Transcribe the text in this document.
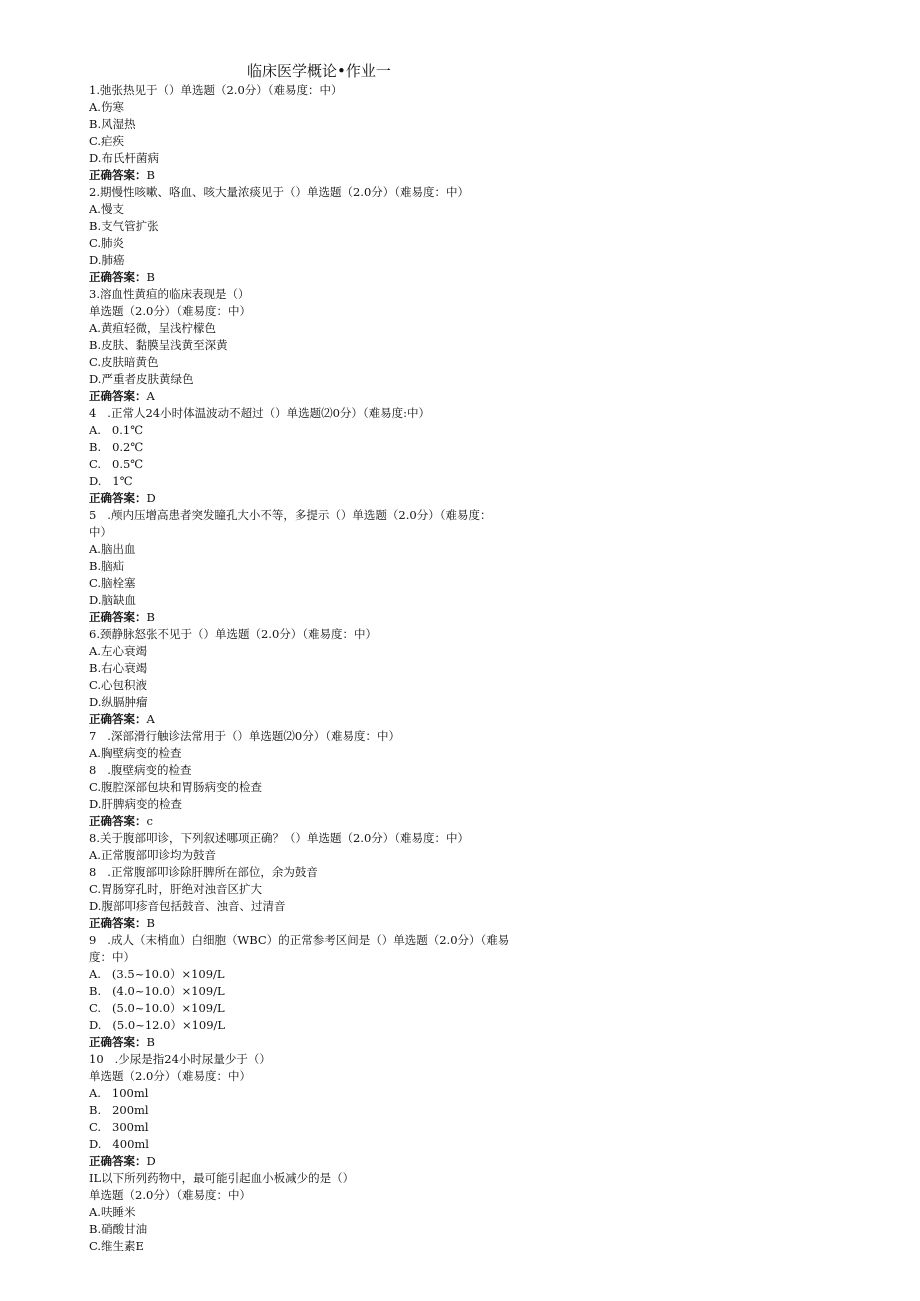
临床医学概论•作业一
1.弛张热见于（）单选题（2.0分）（难易度：中）
A.伤寒
B.风湿热
C.疟疾
D.布氏杆菌病
正确答案：B
2.期慢性咳嗽、咯血、咳大量浓痰见于（）单选题（2.0分）（难易度：中）
A.慢支
B.支气管扩张
C.肺炎
D.肺癌
正确答案：B
3.溶血性黄疸的临床表现是（）
单选题（2.0分）（难易度：中）
A.黄疸轻微，呈浅柠檬色
B.皮肤、黏膜呈浅黄至深黄
C.皮肤暗黄色
D.严重者皮肤黄绿色
正确答案：A
4   .正常人24小时体温波动不超过（）单选题⑵0分）（难易度:中）
A.   0.1℃
B.   0.2℃
C.   0.5℃
D.   1℃
正确答案：D
5   .颅内压增高患者突发瞳孔大小不等，多提示（）单选题（2.0分）（难易度：
中）
A.脑出血
B.脑疝
C.脑栓塞
D.脑缺血
正确答案：B
6.颈静脉怒张不见于（）单选题（2.0分）（难易度：中）
A.左心衰竭
B.右心衰竭
C.心包积液
D.纵膈肿瘤
正确答案：A
7   .深部滑行触诊法常用于（）单选题⑵0分）（难易度：中）
A.胸壁病变的检查
8   .腹壁病变的检查
C.腹腔深部包块和胃肠病变的检查
D.肝脾病变的检查
正确答案：c
8.关于腹部叩诊，下列叙述哪项正确？（）单选题（2.0分）（难易度：中）
A.正常腹部叩诊均为鼓音
8   .正常腹部叩诊除肝脾所在部位，余为鼓音
C.胃肠穿孔时，肝绝对浊音区扩大
D.腹部叩疹音包括鼓音、浊音、过清音
正确答案：B
9   .成人（末梢血）白细胞（WBC）的正常参考区间是（）单选题（2.0分）（难易
度：中）
A.   (3.5~10.0）×109/L
B.   (4.0~10.0）×109/L
C.   (5.0~10.0）×109/L
D.   (5.0~12.0）×109/L
正确答案：B
10   .少尿是指24小时尿量少于（）
单选题（2.0分）（难易度：中）
A.   100ml
B.   200ml
C.   300ml
D.   400ml
正确答案：D
IL以下所列药物中，最可能引起血小板减少的是（）
单选题（2.0分）（难易度：中）
A.呋睡米
B.硝酸甘油
C.维生素E
